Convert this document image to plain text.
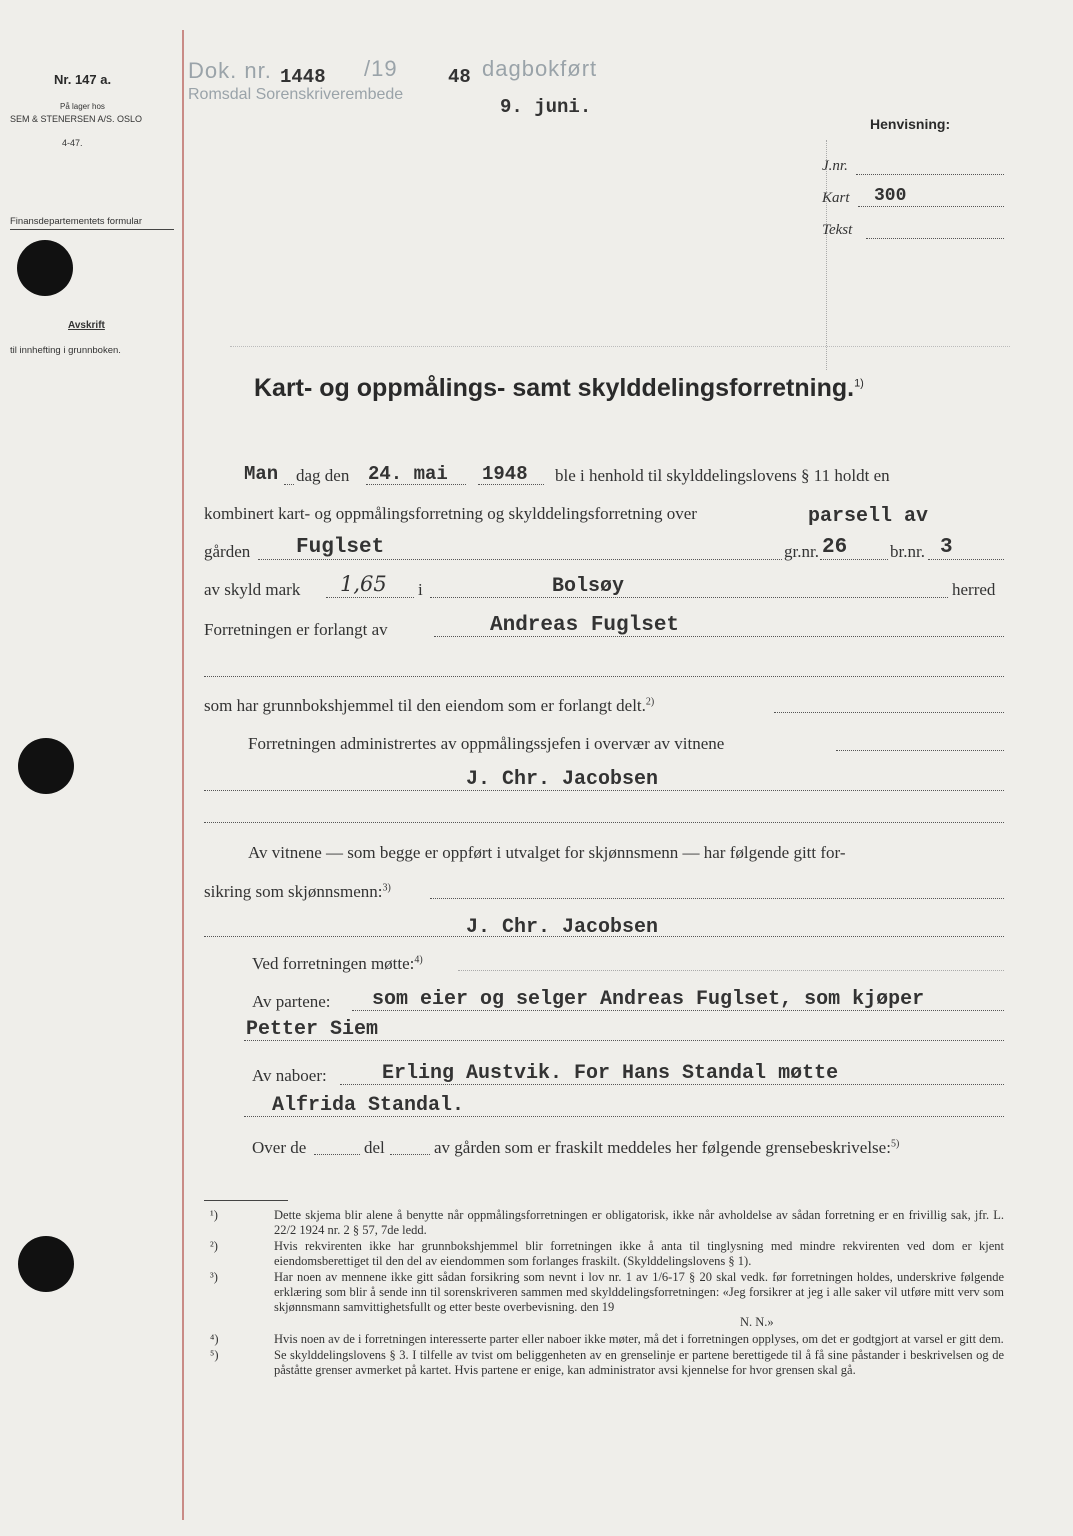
Nr. 147 a.
På lager hos
SEM & STENERSEN A/S. OSLO
4-47.
Finansdepartementets formular
Avskrift
til innhefting i grunnboken.
Dok. nr. 1448 /19	48 dagbokført
Romsdal Sorenskriverembede
9. juni.
Henvisning:
J.nr.
Kart 300
Tekst
Kart- og oppmålings- samt skylddelingsforretning.$^{1)}$
Man dag den 24. mai 1948 ble i henhold til skylddelingslovens § 11 holdt en
kombinert kart- og oppmålingsforretning og skylddelingsforretning over	parsell av
gården Fuglset	gr.nr. 26	br.nr. 3
av skyld mark 1,65 i	Bolsøy	herred
Forretningen er forlangt av	Andreas Fuglset
som har grunnbokshjemmel til den eiendom som er forlangt delt.$^{2)}$
Forretningen administrertes av oppmålingssjefen i overvær av vitnene
J. Chr. Jacobsen
Av vitnene — som begge er oppført i utvalget for skjønnsmenn — har følgende gitt for-
sikring som skjønnsmenn:$^{3)}$
J. Chr. Jacobsen
Ved forretningen møtte:$^{4)}$
Av partene: som eier og selger Andreas Fuglset, som kjøper
Petter Siem
Av naboer:	Erling Austvik. For Hans Standal møtte
Alfrida Standal.
Over de	del	av gården som er fraskilt meddeles her følgende grensebeskrivelse:$^{5)}$
¹)	Dette skjema blir alene å benytte når oppmålingsforretningen er obligatorisk, ikke når avholdelse av sådan forretning er en frivillig sak, jfr. L. 22/2 1924 nr. 2 § 57, 7de ledd.
²)	Hvis rekvirenten ikke har grunnbokshjemmel blir forretningen ikke å anta til tinglysning med mindre rekvirenten ved dom er kjent eiendomsberettiget til den del av eiendommen som forlanges fraskilt. (Skylddelingslovens § 1).
³)	Har noen av mennene ikke gitt sådan forsikring som nevnt i lov nr. 1 av 1/6-17 § 20 skal vedk. før forretningen holdes, underskrive følgende erklæring som blir å sende inn til sorenskriveren sammen med skylddelingsforretningen: «Jeg forsikrer at jeg i alle saker vil utføre mitt verv som skjønnsmann samvittighetsfullt og etter beste overbevisning. den 19
N. N.»
⁴)	Hvis noen av de i forretningen interesserte parter eller naboer ikke møter, må det i forretningen opplyses, om det er godtgjort at varsel er gitt dem.
⁵)	Se skylddelingslovens § 3. I tilfelle av tvist om beliggenheten av en grenselinje er partene berettigede til å få sine påstander i beskrivelsen og de påståtte grenser avmerket på kartet. Hvis partene er enige, kan administrator avsi kjennelse for hvor grensen skal gå.
